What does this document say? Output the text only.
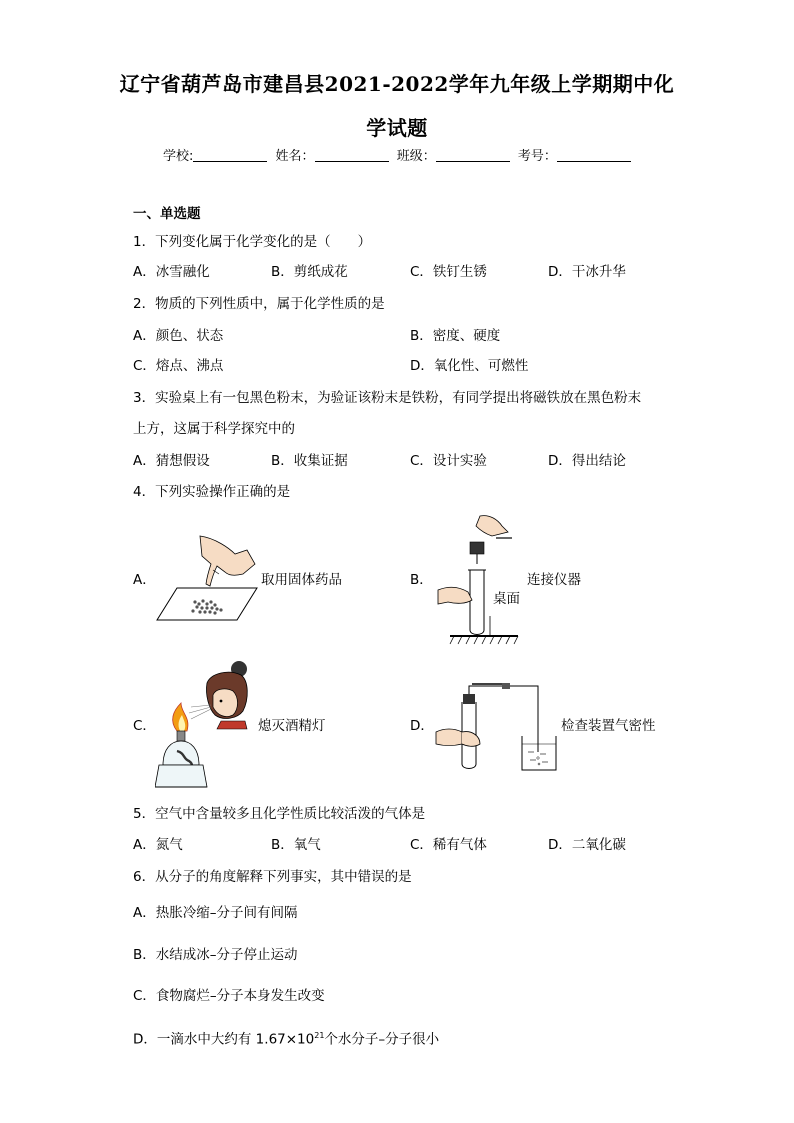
辽宁省葫芦岛市建昌县2021-2022学年九年级上学期期中化
学试题
学校:	姓名：	班级：	考号：
一、单选题
1．下列变化属于化学变化的是（　　）
A．冰雪融化	B．剪纸成花	C．铁钉生锈	D．干冰升华
2．物质的下列性质中，属于化学性质的是
A．颜色、状态	B．密度、硬度
C．熔点、沸点	D．氧化性、可燃性
3．实验桌上有一包黑色粉末，为验证该粉末是铁粉，有同学提出将磁铁放在黑色粉末
上方，这属于科学探究中的
A．猜想假设	B．收集证据	C．设计实验	D．得出结论
4．下列实验操作正确的是
A．	取用固体药品	B．	连接仪器
桌面
C．	熄灭酒精灯	D．	检查装置气密性
5．空气中含量较多且化学性质比较活泼的气体是
A．氮气	B．氧气	C．稀有气体	D．二氧化碳
6．从分子的角度解释下列事实，其中错误的是
A．热胀冷缩–分子间有间隔
B．水结成冰–分子停止运动
C．食物腐烂–分子本身发生改变
D．一滴水中大约有 $1.67\times 10^{21}$个水分子–分子很小
